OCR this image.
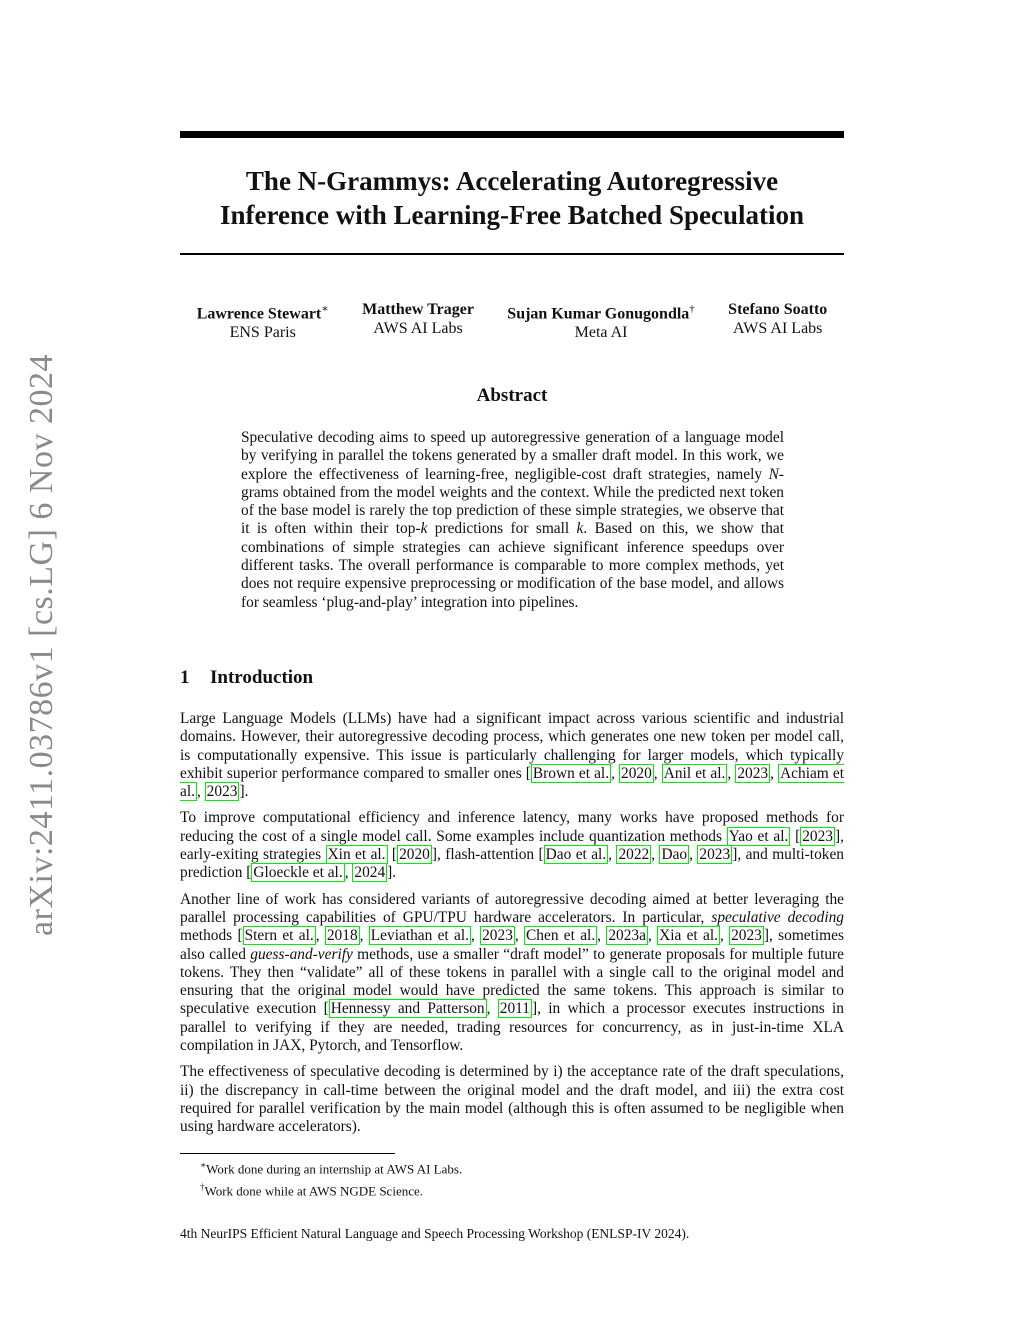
arXiv:2411.03786v1 [cs.LG] 6 Nov 2024
The N-Grammys: Accelerating Autoregressive
Inference with Learning-Free Batched Speculation
Lawrence Stewart∗
ENS Paris
Matthew Trager
AWS AI Labs
Sujan Kumar Gonugondla†
Meta AI
Stefano Soatto
AWS AI Labs
Abstract

Speculative decoding aims to speed up autoregressive generation of a language model by verifying in parallel the tokens generated by a smaller draft model. In this work, we explore the effectiveness of learning-free, negligible-cost draft strategies, namely N-grams obtained from the model weights and the context. While the predicted next token of the base model is rarely the top prediction of these simple strategies, we observe that it is often within their top-k predictions for small k. Based on this, we show that combinations of simple strategies can achieve significant inference speedups over different tasks. The overall performance is comparable to more complex methods, yet does not require expensive preprocessing or modification of the base model, and allows for seamless ‘plug-and-play’ integration into pipelines.

1 Introduction

Large Language Models (LLMs) have had a significant impact across various scientific and industrial domains. However, their autoregressive decoding process, which generates one new token per model call, is computationally expensive. This issue is particularly challenging for larger models, which typically exhibit superior performance compared to smaller ones [ Brown et al. , 2020 , Anil et al. , 2023 , Achiam et al. , 2023 ].

To improve computational efficiency and inference latency, many works have proposed methods for reducing the cost of a single model call. Some examples include quantization methods Yao et al. [ 2023 ], early-exiting strategies Xin et al. [ 2020 ], flash-attention [ Dao et al. , 2022 , Dao , 2023 ], and multi-token prediction [ Gloeckle et al. , 2024 ].

Another line of work has considered variants of autoregressive decoding aimed at better leveraging the parallel processing capabilities of GPU/TPU hardware accelerators. In particular, speculative decoding methods [ Stern et al. , 2018 , Leviathan et al. , 2023 , Chen et al. , 2023a , Xia et al. , 2023 ], sometimes also called guess-and-verify methods, use a smaller “draft model” to generate proposals for multiple future tokens. They then “validate” all of these tokens in parallel with a single call to the original model and ensuring that the original model would have predicted the same tokens. This approach is similar to speculative execution [ Hennessy and Patterson , 2011 ], in which a processor executes instructions in parallel to verifying if they are needed, trading resources for concurrency, as in just-in-time XLA compilation in JAX, Pytorch, and Tensorflow.

The effectiveness of speculative decoding is determined by i) the acceptance rate of the draft speculations, ii) the discrepancy in call-time between the original model and the draft model, and iii) the extra cost required for parallel verification by the main model (although this is often assumed to be negligible when using hardware accelerators).

∗Work done during an internship at AWS AI Labs.

†Work done while at AWS NGDE Science.

4th NeurIPS Efficient Natural Language and Speech Processing Workshop (ENLSP-IV 2024).
